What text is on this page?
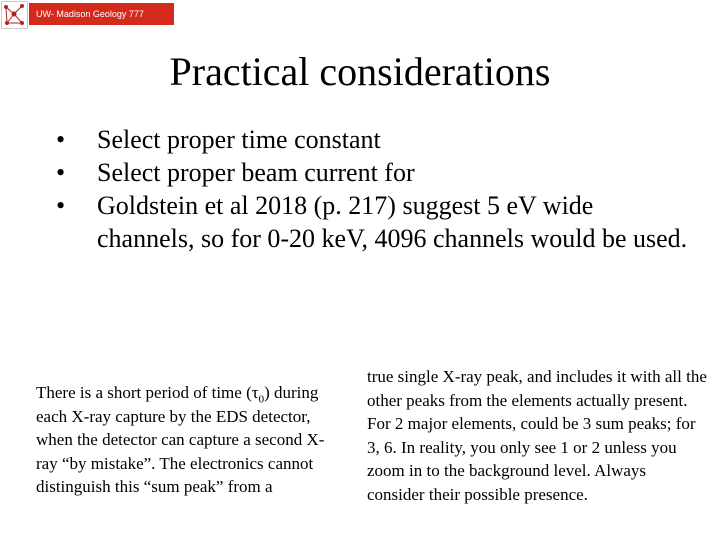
UW- Madison Geology 777
Practical considerations
• Select proper time constant
• Select proper beam current for
• Goldstein et al 2018 (p. 217) suggest 5 eV wide channels, so for 0-20 keV, 4096 channels would be used.

There is a short period of time $(\tau_0)$ during each X-ray capture by the EDS detector, when the detector can capture a second X-ray “by mistake”. The electronics cannot distinguish this “sum peak” from a

true single X-ray peak, and includes it with all the other peaks from the elements actually present. For 2 major elements, could be 3 sum peaks; for 3, 6. In reality, you only see 1 or 2 unless you zoom in to the background level. Always consider their possible presence.
